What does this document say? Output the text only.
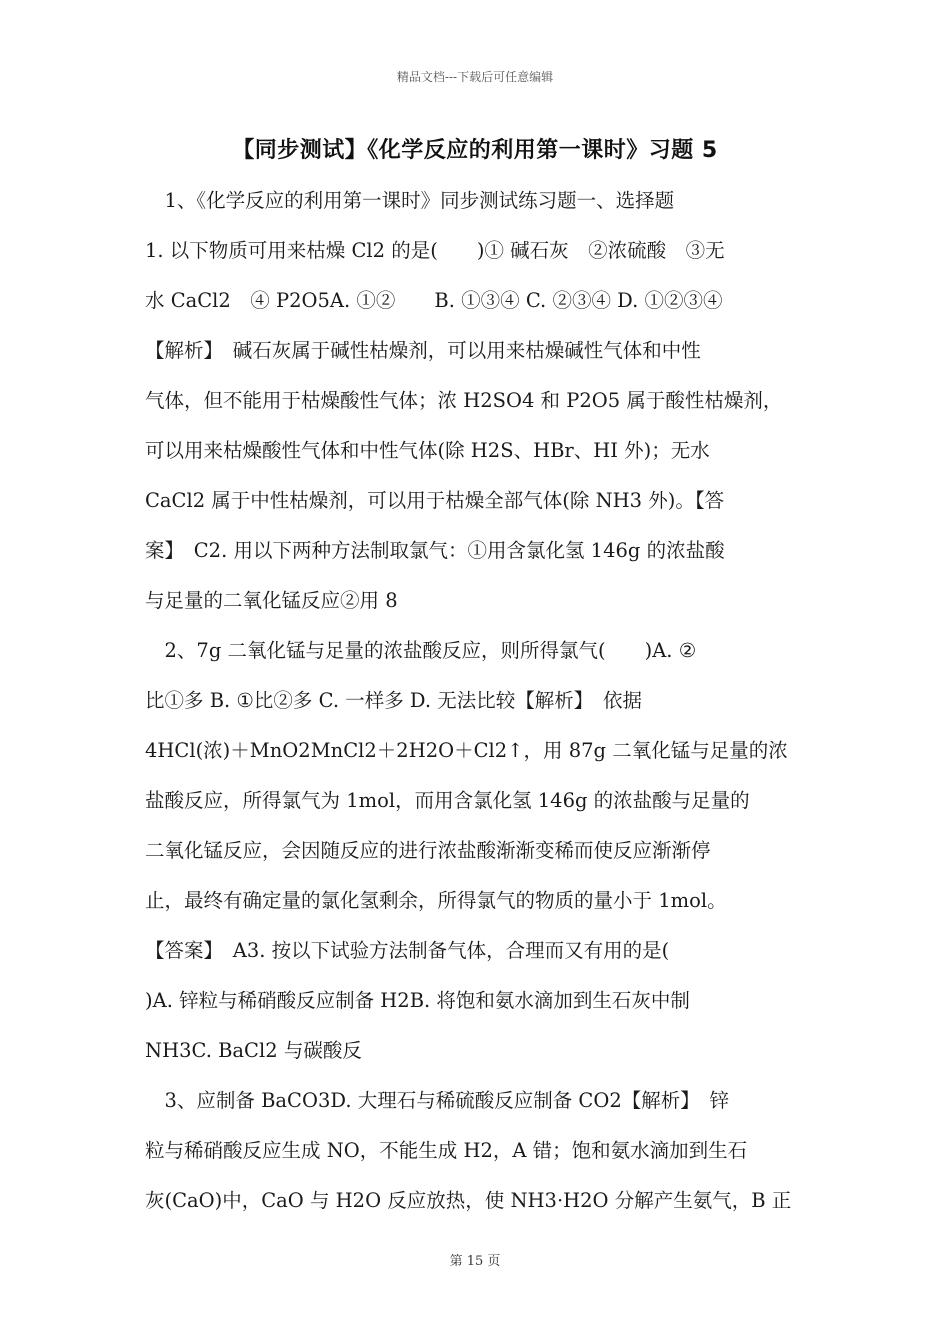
精品文档---下载后可任意编辑
【同步测试】《化学反应的利用第一课时》习题 5
　1、《化学反应的利用第一课时》同步测试练习题一、选择题
1. 以下物质可用来枯燥 Cl2 的是(　　)① 碱石灰　②浓硫酸　③无
水 CaCl2　④ P2O5A. ①②　　B. ①③④ C. ②③④ D. ①②③④
【解析】　碱石灰属于碱性枯燥剂，可以用来枯燥碱性气体和中性
气体，但不能用于枯燥酸性气体；浓 H2SO4 和 P2O5 属于酸性枯燥剂，
可以用来枯燥酸性气体和中性气体(除 H2S、HBr、HI 外)；无水
CaCl2 属于中性枯燥剂，可以用于枯燥全部气体(除 NH3 外)。【答
案】　C2. 用以下两种方法制取氯气：①用含氯化氢 146g 的浓盐酸
与足量的二氧化锰反应②用 8
　2、7g 二氧化锰与足量的浓盐酸反应，则所得氯气(　　)A. ②
比①多 B. ①比②多 C. 一样多 D. 无法比较【解析】　依据
4HCl(浓)＋MnO2MnCl2＋2H2O＋Cl2↑，用 87g 二氧化锰与足量的浓
盐酸反应，所得氯气为 1mol，而用含氯化氢 146g 的浓盐酸与足量的
二氧化锰反应，会因随反应的进行浓盐酸渐渐变稀而使反应渐渐停
止，最终有确定量的氯化氢剩余，所得氯气的物质的量小于 1mol。
【答案】　A3. 按以下试验方法制备气体，合理而又有用的是(
)A. 锌粒与稀硝酸反应制备 H2B. 将饱和氨水滴加到生石灰中制
NH3C. BaCl2 与碳酸反
　3、应制备 BaCO3D. 大理石与稀硫酸反应制备 CO2【解析】　锌
粒与稀硝酸反应生成 NO，不能生成 H2，A 错；饱和氨水滴加到生石
灰(CaO)中，CaO 与 H2O 反应放热，使 NH3·H2O 分解产生氨气，B 正
第 15 页
